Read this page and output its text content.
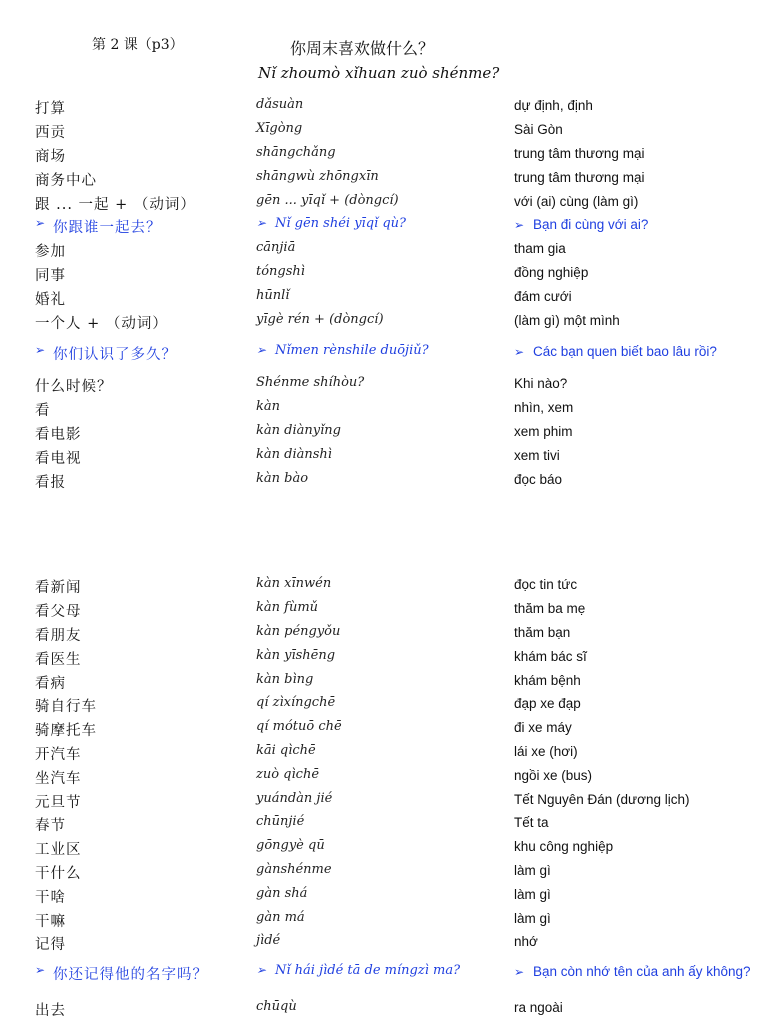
第 2 课（p3）	你周末喜欢做什么？
Nǐ zhoumò xǐhuan zuò shénme?
打算	dǎsuàn	dự định, định
西贡	Xīgòng	Sài Gòn
商场	shāngchǎng	trung tâm thương mại
商务中心	shāngwù zhōngxīn	trung tâm thương mại
跟 ... 一起 + （动词）	gēn ... yīqǐ + (dòngcí)	với (ai) cùng (làm gì)
➢ 你跟谁一起去？	➢ Nǐ gēn shéi yīqǐ qù?	➢ Bạn đi cùng với ai?
参加	cānjiā	tham gia
同事	tóngshì	đồng nghiệp
婚礼	hūnlǐ	đám cưới
一个人 + （动词）	yīgè rén + (dòngcí)	(làm gì) một mình
➢ 你们认识了多久？	➢ Nǐmen rènshile duōjiǔ?	➢ Các bạn quen biết bao lâu rồi?
什么时候？	Shénme shíhòu?	Khi nào?
看	kàn	nhìn, xem
看电影	kàn diànyǐng	xem phim
看电视	kàn diànshì	xem tivi
看报	kàn bào	đọc báo
看新闻	kàn xīnwén	đọc tin tức
看父母	kàn fùmǔ	thăm ba mẹ
看朋友	kàn péngyǒu	thăm bạn
看医生	kàn yīshēng	khám bác sĩ
看病	kàn bìng	khám bệnh
骑自行车	qí zìxíngchē	đạp xe đạp
骑摩托车	qí mótuō chē	đi xe máy
开汽车	kāi qìchē	lái xe (hơi)
坐汽车	zuò qìchē	ngồi xe (bus)
元旦节	yuándàn jié	Tết Nguyên Đán (dương lịch)
春节	chūnjié	Tết ta
工业区	gōngyè qū	khu công nghiệp
干什么	gànshénme	làm gì
干啥	gàn shá	làm gì
干嘛	gàn má	làm gì
记得	jìdé	nhớ
➢ 你还记得他的名字吗？	➢ Nǐ hái jìdé tā de míngzì ma?	➢ Bạn còn nhớ tên của anh ấy không?
出去	chūqù	ra ngoài
